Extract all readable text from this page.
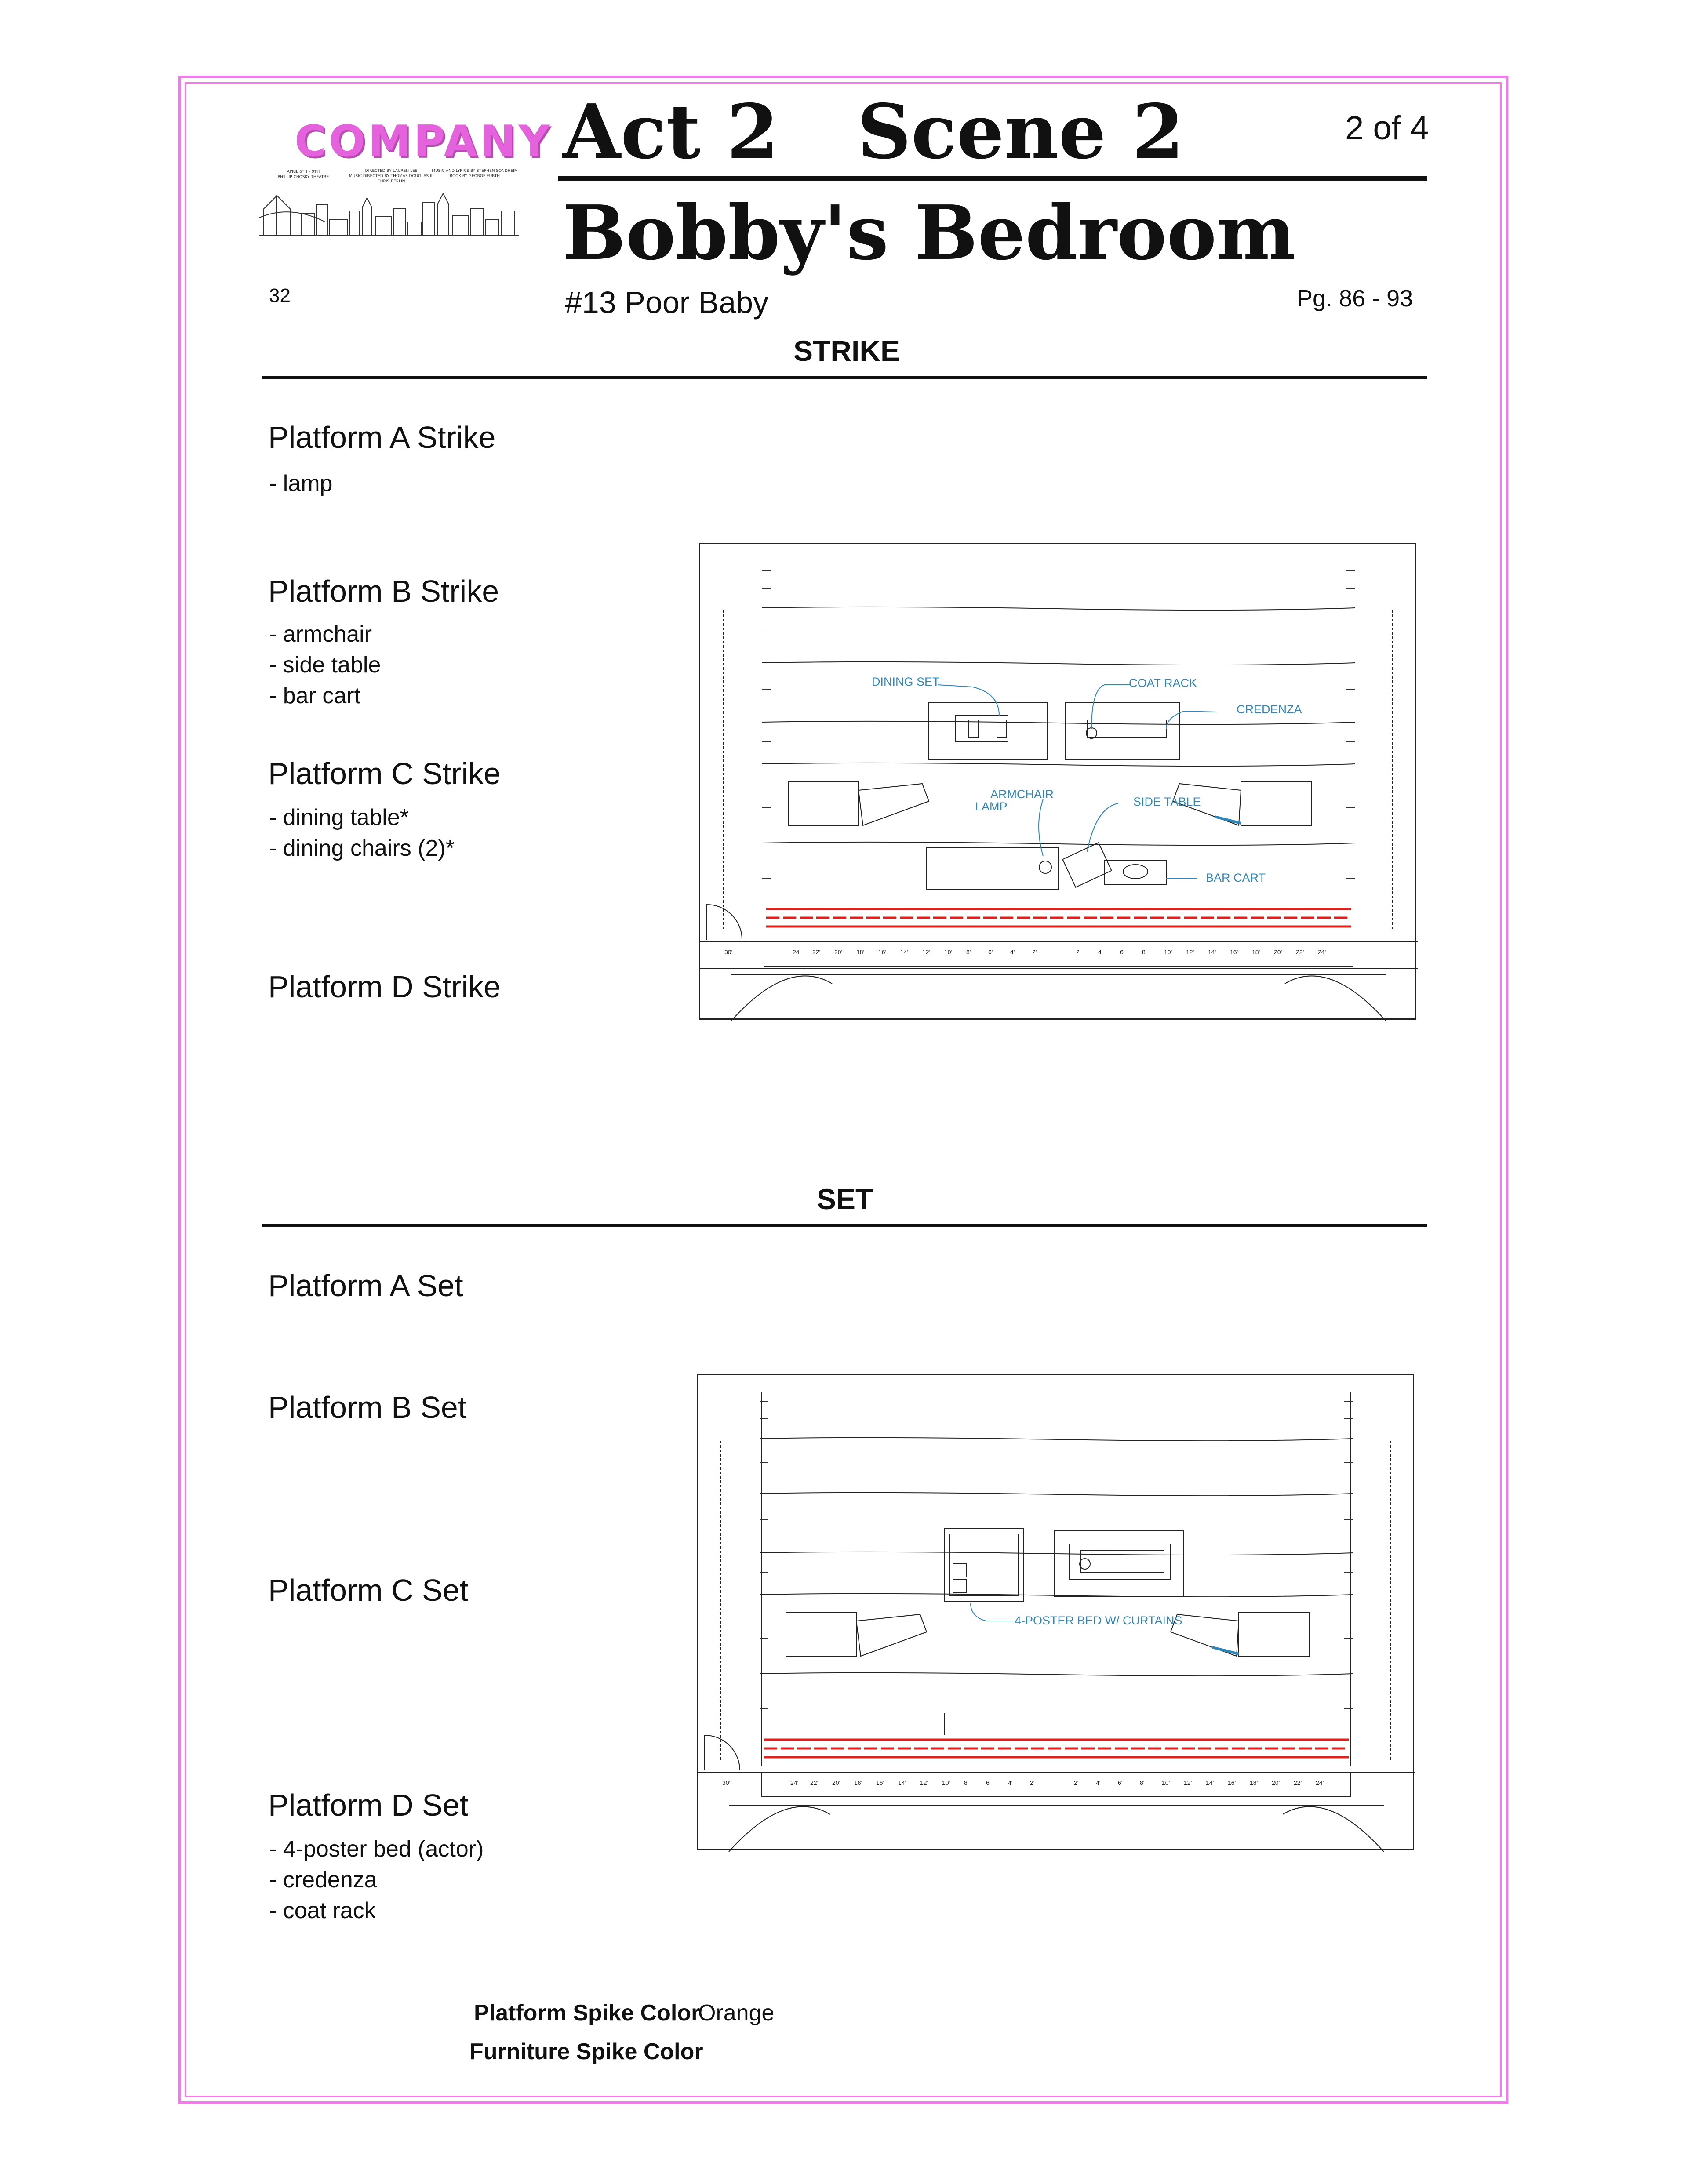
COMPANY
APRIL 6TH – 9TH
PHILLIP CHOSKY THEATRE
DIRECTED BY LAUREN LEE
MUSIC DIRECTED BY THOMAS DOUGLAS III
CHRIS BERLIN
MUSIC AND LYRICS BY STEPHEN SONDHEIM
BOOK BY GEORGE FURTH
Act 2 Scene 2	2 of 4
Bobby's Bedroom
32	#13 Poor Baby	Pg. 86 - 93
STRIKE
Platform A Strike
- lamp
Platform B Strike
- armchair
- side table
- bar cart
Platform C Strike
- dining table*
- dining chairs (2)*
Platform D Strike
DINING SET	COAT RACK
CREDENZA
ARMCHAIR
LAMP	SIDE TABLE
BAR CART
30'	24' 22' 20' 18' 16' 14' 12' 10' 8'	6'	4'	2'	2'	4'	6'	8'	10' 12' 14' 16' 18' 20' 22' 24'
SET
Platform A Set
Platform B Set
Platform C Set
Platform D Set
- 4-poster bed (actor)
- credenza
- coat rack
4-POSTER BED W/ CURTAINS
30'	24' 22' 20' 18' 16' 14' 12' 10' 8'	6'	4'	2'	2'	4'	6'	8'	10' 12' 14' 16' 18' 20' 22' 24'
Platform Spike Color
Orange
Furniture Spike Color
